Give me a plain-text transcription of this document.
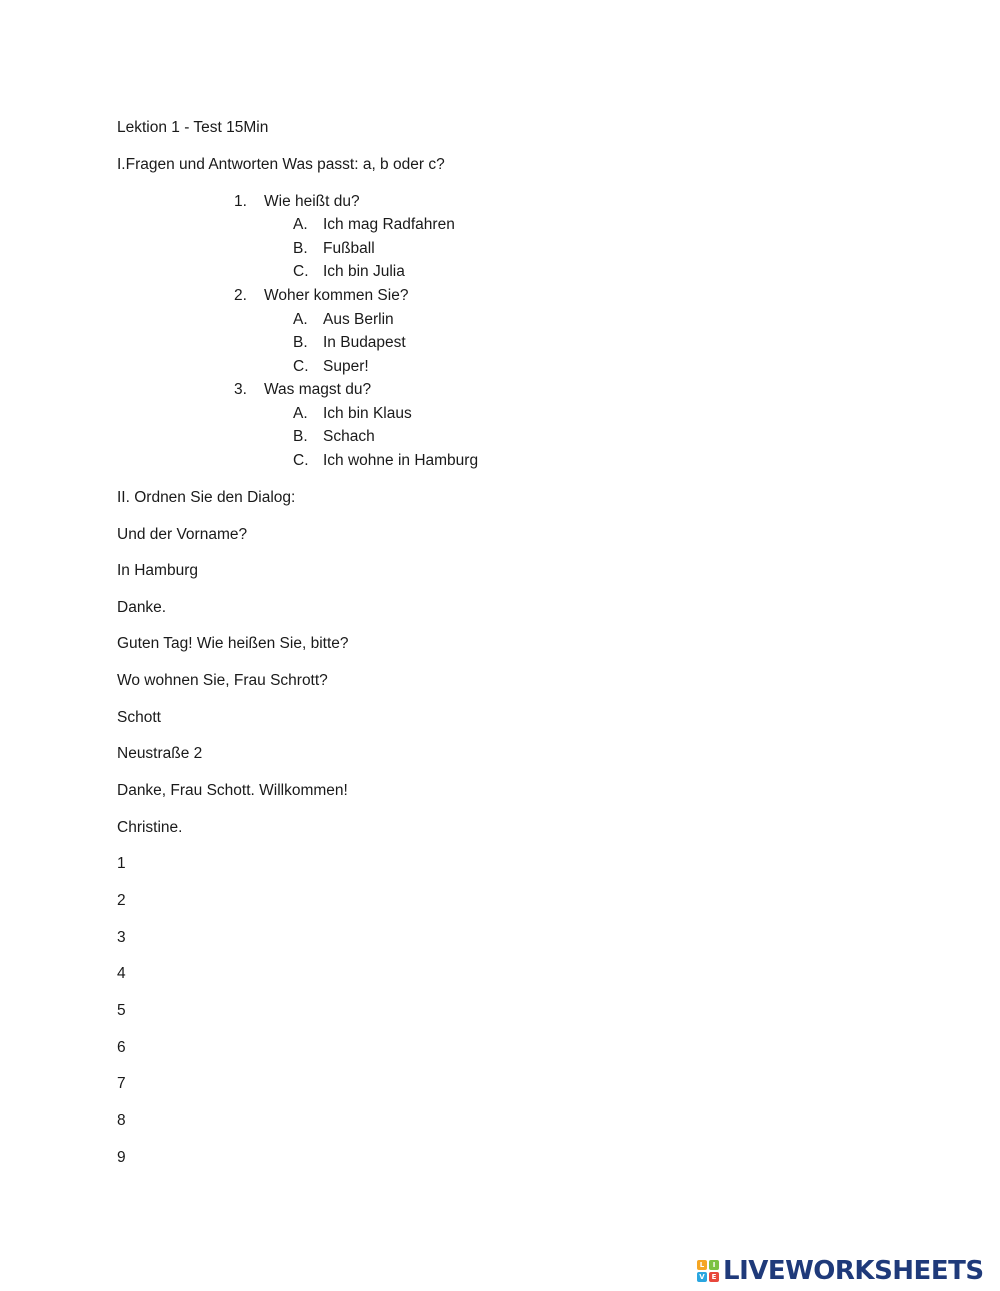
Lektion 1 - Test 15Min
I.Fragen und Antworten Was passt: a, b oder c?
1. Wie heißt du?
A. Ich mag Radfahren
B. Fußball
C. Ich bin Julia
2. Woher kommen Sie?
A. Aus Berlin
B. In Budapest
C. Super!
3. Was magst du?
A. Ich bin Klaus
B. Schach
C. Ich wohne in Hamburg
II. Ordnen Sie den Dialog:
Und der Vorname?
In Hamburg
Danke.
Guten Tag! Wie heißen Sie, bitte?
Wo wohnen Sie, Frau Schrott?
Schott
Neustraße 2
Danke, Frau Schott. Willkommen!
Christine.
1
2
3
4
5
6
7
8
9
L	I
V E LIVEWORKSHEETS
